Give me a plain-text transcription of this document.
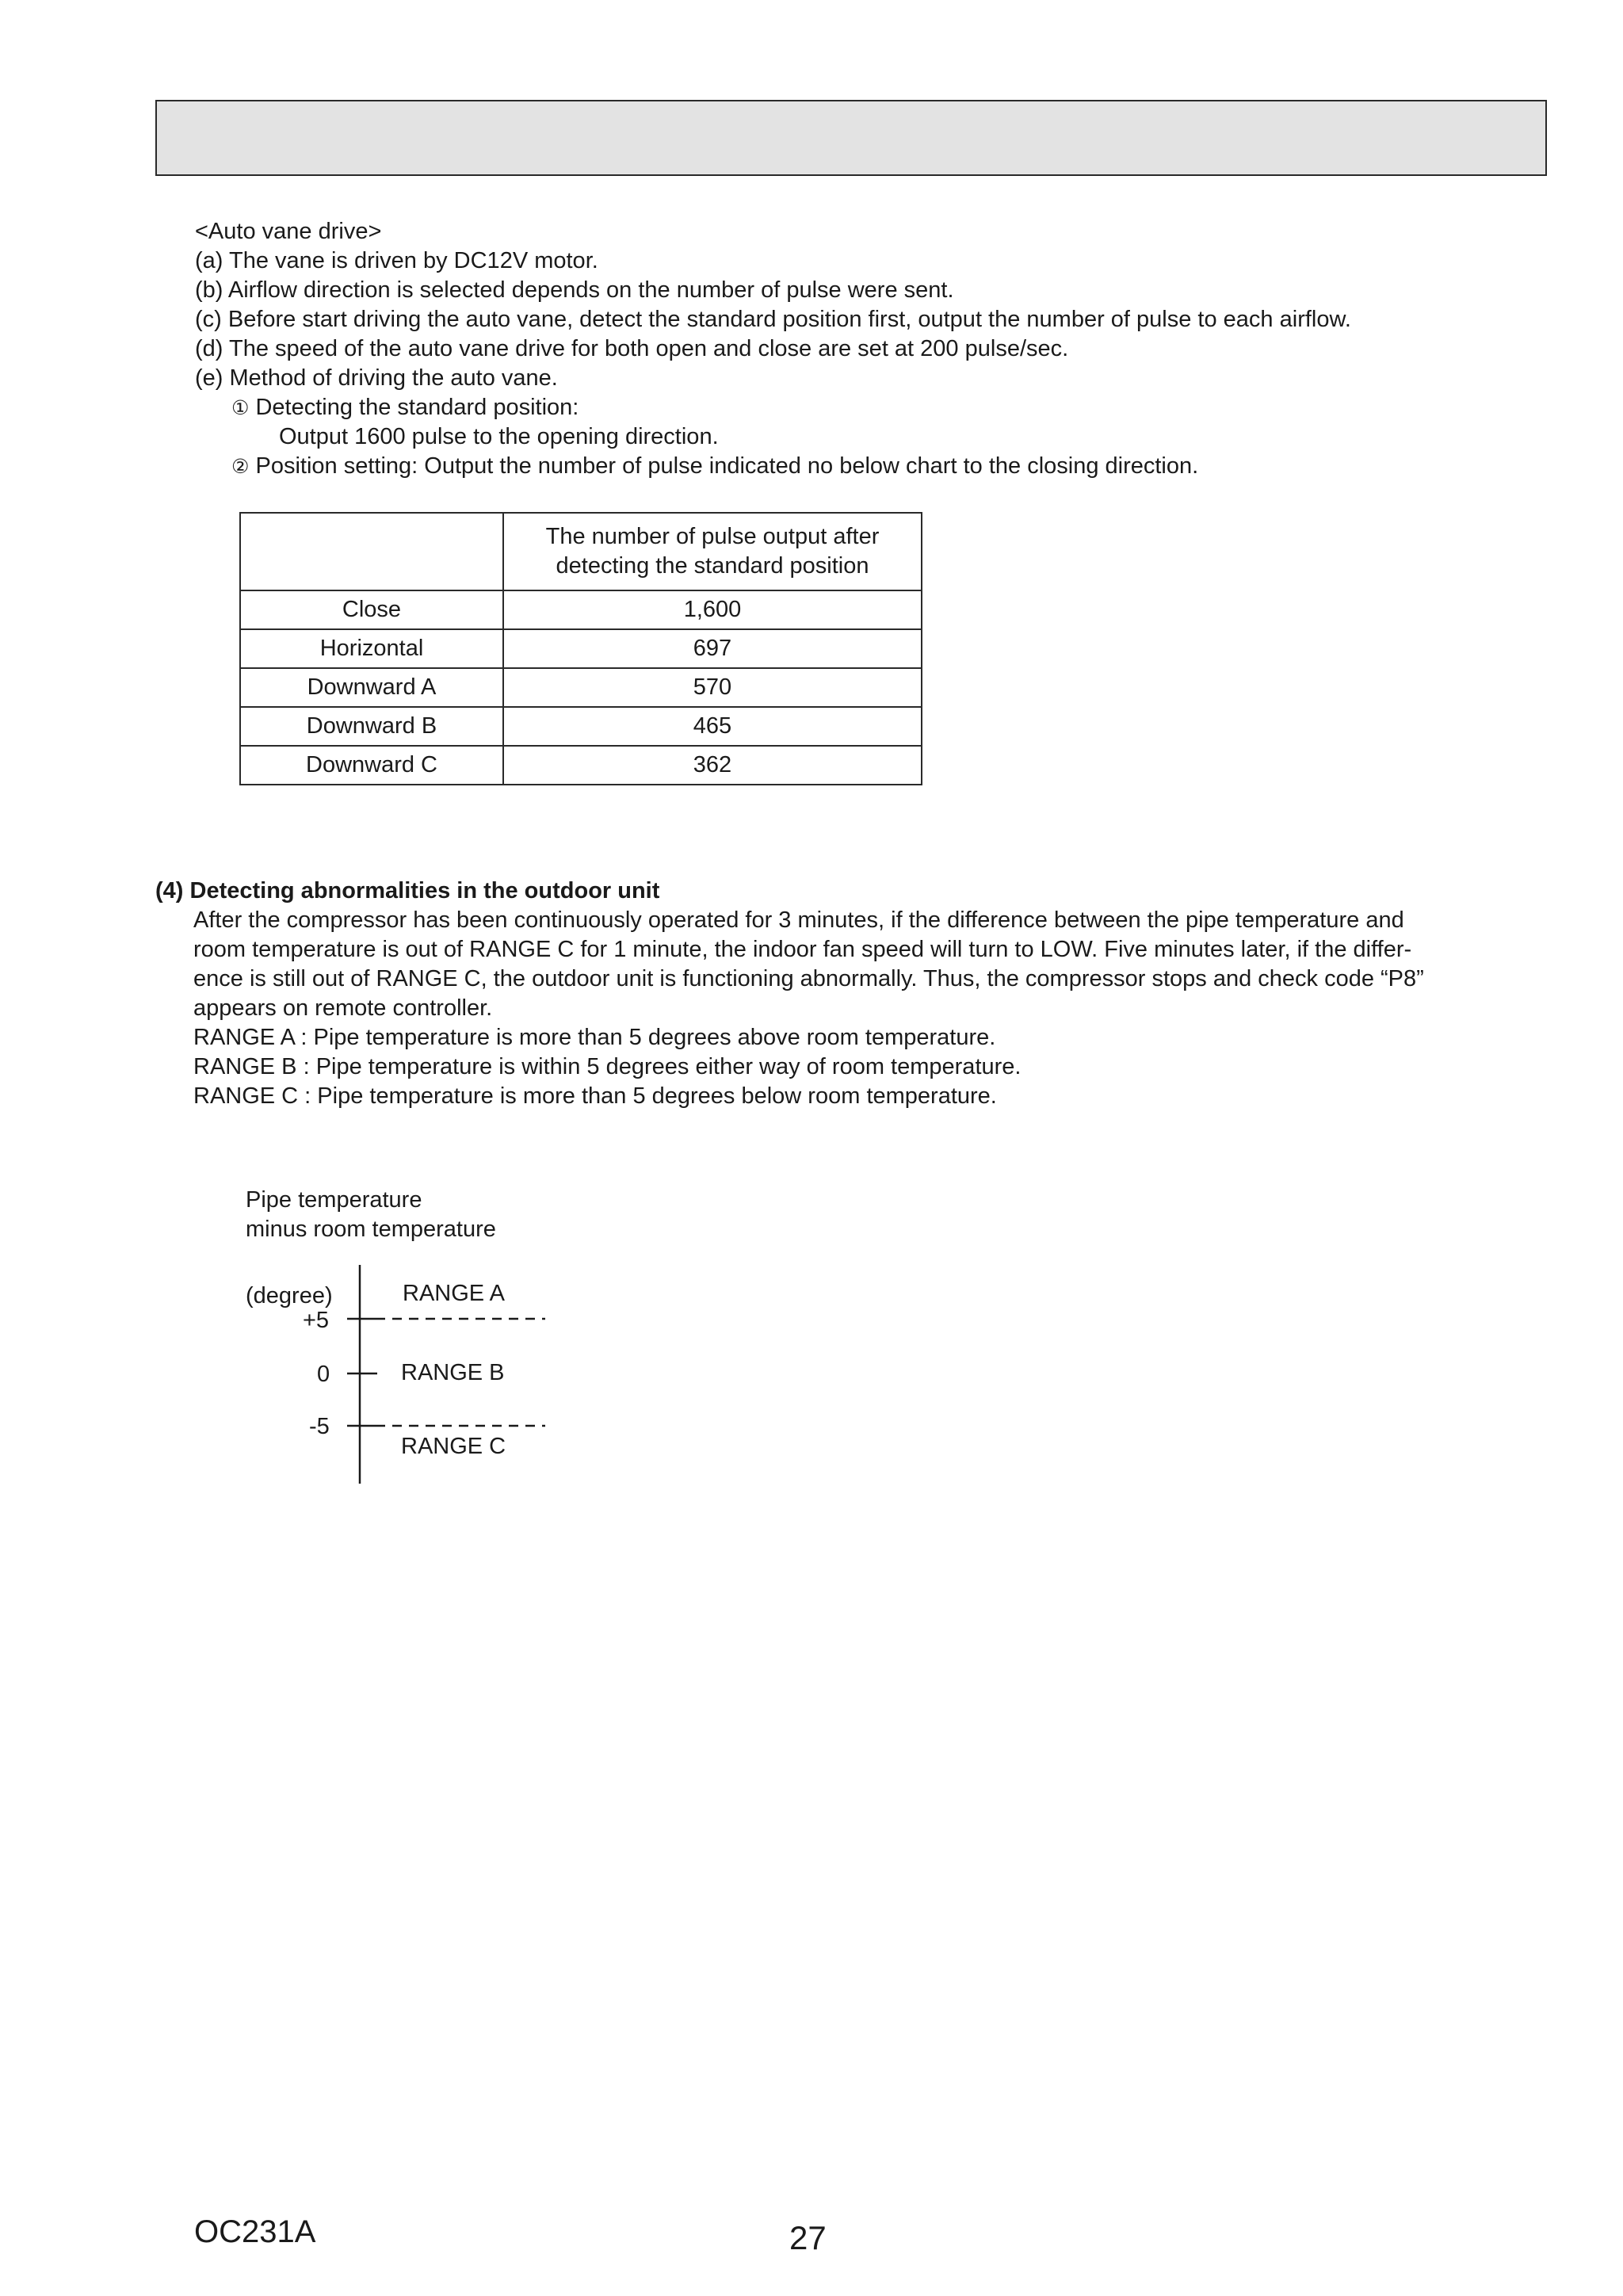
<Auto vane drive>
(a) The vane is driven by DC12V motor.
(b) Airflow direction is selected depends on the number of pulse were sent.
(c) Before start driving the auto vane, detect the standard position first, output the number of pulse to each airflow.
(d) The speed of the auto vane drive for both open and close are set at 200 pulse/sec.
(e) Method of driving the auto vane.
① Detecting the standard position:
Output 1600 pulse to the opening direction.
② Position setting: Output the number of pulse indicated no below chart to the closing direction.

	The number of pulse output after
detecting the standard position

Close	1,600
Horizontal	697
Downward A	570
Downward B	465
Downward C	362
(4) Detecting abnormalities in the outdoor unit
After the compressor has been continuously operated for 3 minutes, if the difference between the pipe temperature and
room temperature is out of RANGE C for 1 minute, the indoor fan speed will turn to LOW. Five minutes later, if the differ-
ence is still out of RANGE C, the outdoor unit is functioning abnormally. Thus, the compressor stops and check code “P8”
appears on remote controller.
RANGE A : Pipe temperature is more than 5 degrees above room temperature.
RANGE B : Pipe temperature is within 5 degrees either way of room temperature.
RANGE C : Pipe temperature is more than 5 degrees below room temperature.
Pipe temperature
minus room temperature
(degree)
+5
0
-5
RANGE A
RANGE B
RANGE C
OC231A	27
